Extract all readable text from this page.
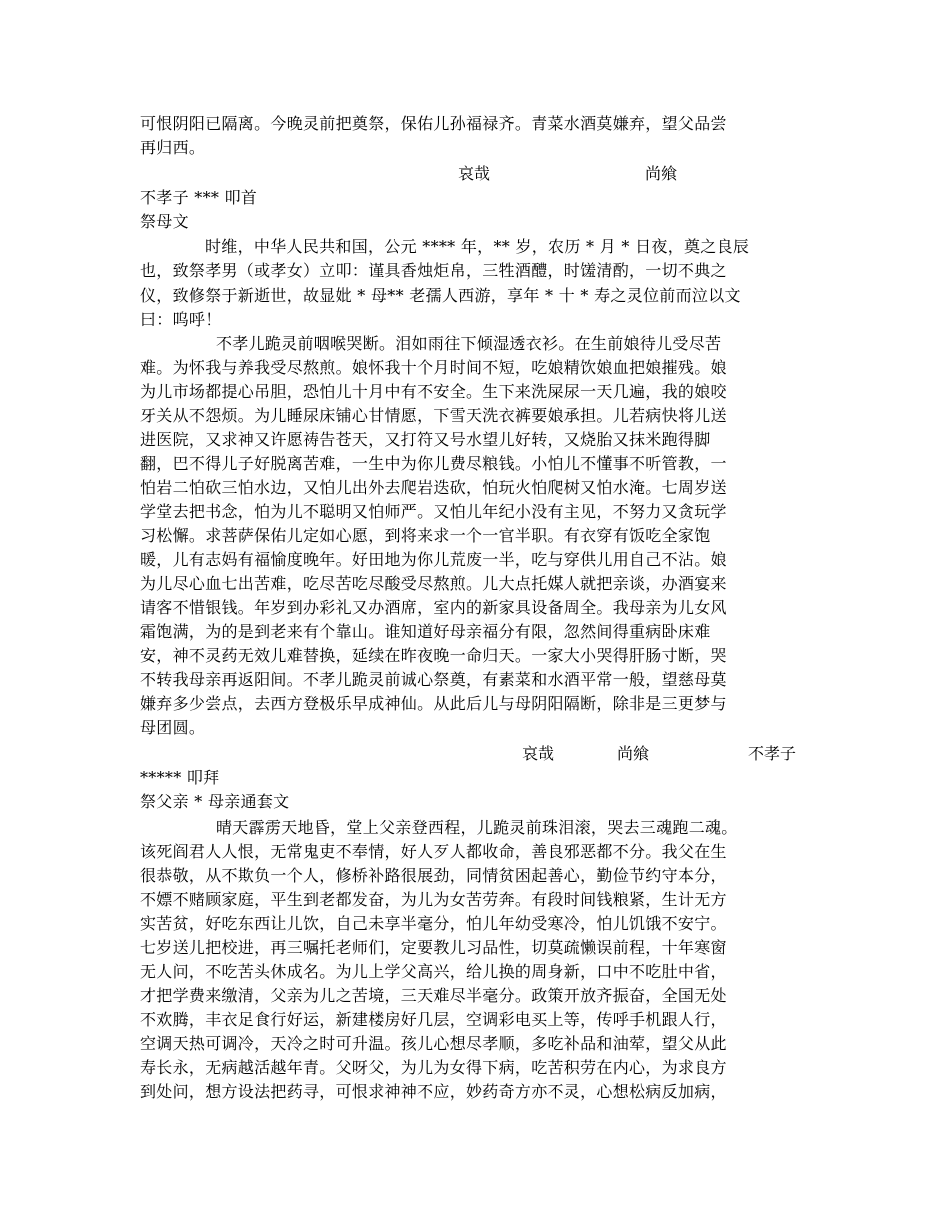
可恨阴阳已隔离。今晚灵前把奠祭，保佑儿孙福禄齐。青菜水酒莫嫌弃，望父品尝

再归西。

哀哉	尚飨

不孝子 *** 叩首

祭母文

时维，中华人民共和国，公元 **** 年，** 岁，农历 * 月 * 日夜，奠之良辰

也，致祭孝男（或孝女）立叩：谨具香烛炬帛，三牲酒醴，时馐清酌，一切不典之

仪，致修祭于新逝世，故显妣 * 母** 老孺人西游，享年 * 十 * 寿之灵位前而泣以文

曰：呜呼！

不孝儿跪灵前咽喉哭断。泪如雨往下倾湿透衣衫。在生前娘待儿受尽苦

难。为怀我与养我受尽熬煎。娘怀我十个月时间不短，吃娘精饮娘血把娘摧残。娘

为儿市场都提心吊胆，恐怕儿十月中有不安全。生下来洗屎尿一天几遍，我的娘咬

牙关从不怨烦。为儿睡尿床铺心甘情愿，下雪天洗衣裤要娘承担。儿若病快将儿送

进医院，又求神又许愿祷告苍天，又打符又号水望儿好转，又烧胎又抹米跑得脚

翻，巴不得儿子好脱离苦难，一生中为你儿费尽粮钱。小怕儿不懂事不听管教，一

怕岩二怕砍三怕水边，又怕儿出外去爬岩迭砍，怕玩火怕爬树又怕水淹。七周岁送

学堂去把书念，怕为儿不聪明又怕师严。又怕儿年纪小没有主见，不努力又贪玩学

习松懈。求菩萨保佑儿定如心愿，到将来求一个一官半职。有衣穿有饭吃全家饱

暖，儿有志妈有福愉度晚年。好田地为你儿荒废一半，吃与穿供儿用自己不沾。娘

为儿尽心血七出苦难，吃尽苦吃尽酸受尽熬煎。儿大点托媒人就把亲谈，办酒宴来

请客不惜银钱。年岁到办彩礼又办酒席，室内的新家具设备周全。我母亲为儿女风

霜饱满，为的是到老来有个靠山。谁知道好母亲福分有限，忽然间得重病卧床难

安，神不灵药无效儿难替换，延续在昨夜晚一命归天。一家大小哭得肝肠寸断，哭

不转我母亲再返阳间。不孝儿跪灵前诚心祭奠，有素菜和水酒平常一般，望慈母莫

嫌弃多少尝点，去西方登极乐早成神仙。从此后儿与母阴阳隔断，除非是三更梦与

母团圆。

哀哉	尚飨	不孝子

***** 叩拜

祭父亲 * 母亲通套文

晴天霹雳天地昏，堂上父亲登西程，儿跪灵前珠泪滚，哭去三魂跑二魂。

该死阎君人人恨，无常鬼吏不奉情，好人歹人都收命，善良邪恶都不分。我父在生

很恭敬，从不欺负一个人，修桥补路很展劲，同情贫困起善心，勤俭节约守本分，

不嫖不赌顾家庭，平生到老都发奋，为儿为女苦劳奔。有段时间钱粮紧，生计无方

实苦贫，好吃东西让儿饮，自己未享半毫分，怕儿年幼受寒冷，怕儿饥饿不安宁。

七岁送儿把校进，再三嘱托老师们，定要教儿习品性，切莫疏懒误前程，十年寒窗

无人问，不吃苦头休成名。为儿上学父高兴，给儿换的周身新，口中不吃肚中省，

才把学费来缴清，父亲为儿之苦境，三天难尽半毫分。政策开放齐振奋，全国无处

不欢腾，丰衣足食行好运，新建楼房好几层，空调彩电买上等，传呼手机跟人行，

空调天热可调冷，天冷之时可升温。孩儿心想尽孝顺，多吃补品和油荤，望父从此

寿长永，无病越活越年青。父呀父，为儿为女得下病，吃苦积劳在内心，为求良方

到处问，想方设法把药寻，可恨求神神不应，妙药奇方亦不灵，心想松病反加病，
